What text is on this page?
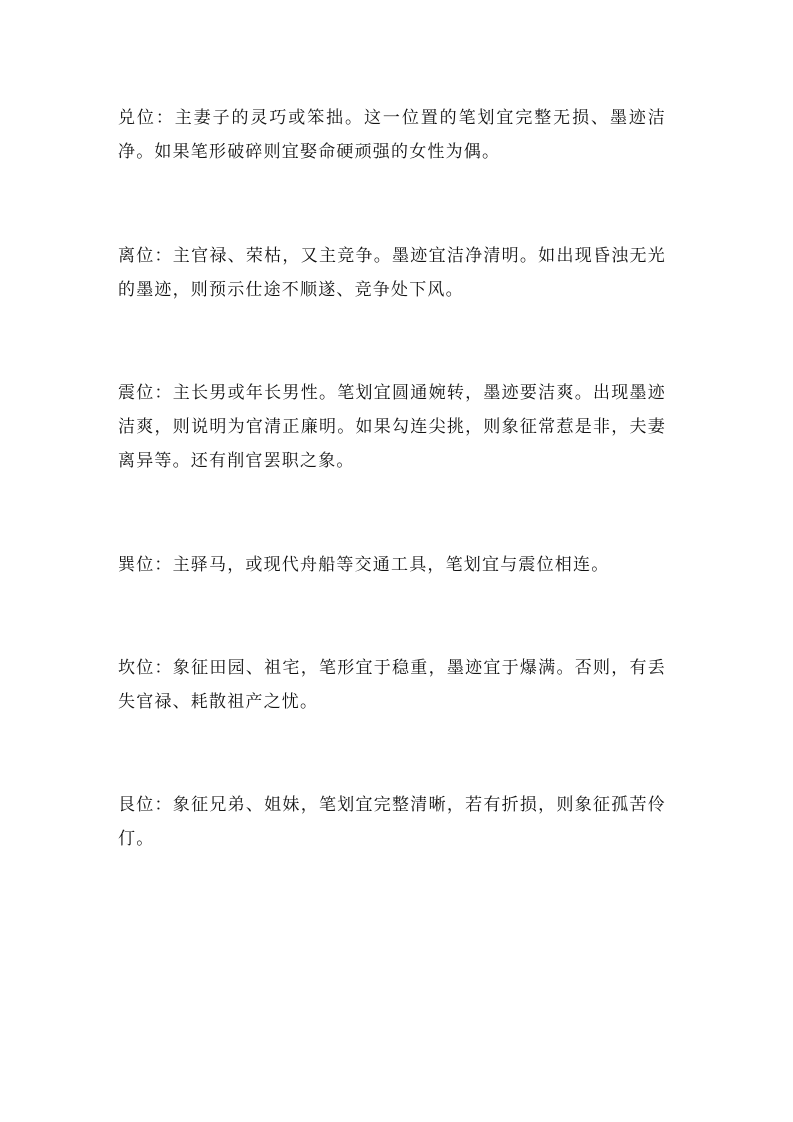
兑位：主妻子的灵巧或笨拙。这一位置的笔划宜完整无损、墨迹洁净。如果笔形破碎则宜娶命硬顽强的女性为偶。

离位：主官禄、荣枯，又主竞争。墨迹宜洁净清明。如出现昏浊无光的墨迹，则预示仕途不顺遂、竞争处下风。

震位：主长男或年长男性。笔划宜圆通婉转，墨迹要洁爽。出现墨迹洁爽，则说明为官清正廉明。如果勾连尖挑，则象征常惹是非，夫妻离异等。还有削官罢职之象。

巽位：主驿马，或现代舟船等交通工具，笔划宜与震位相连。

坎位：象征田园、祖宅，笔形宜于稳重，墨迹宜于爆满。否则，有丢失官禄、耗散祖产之忧。

艮位：象征兄弟、姐妹，笔划宜完整清晰，若有折损，则象征孤苦伶仃。
